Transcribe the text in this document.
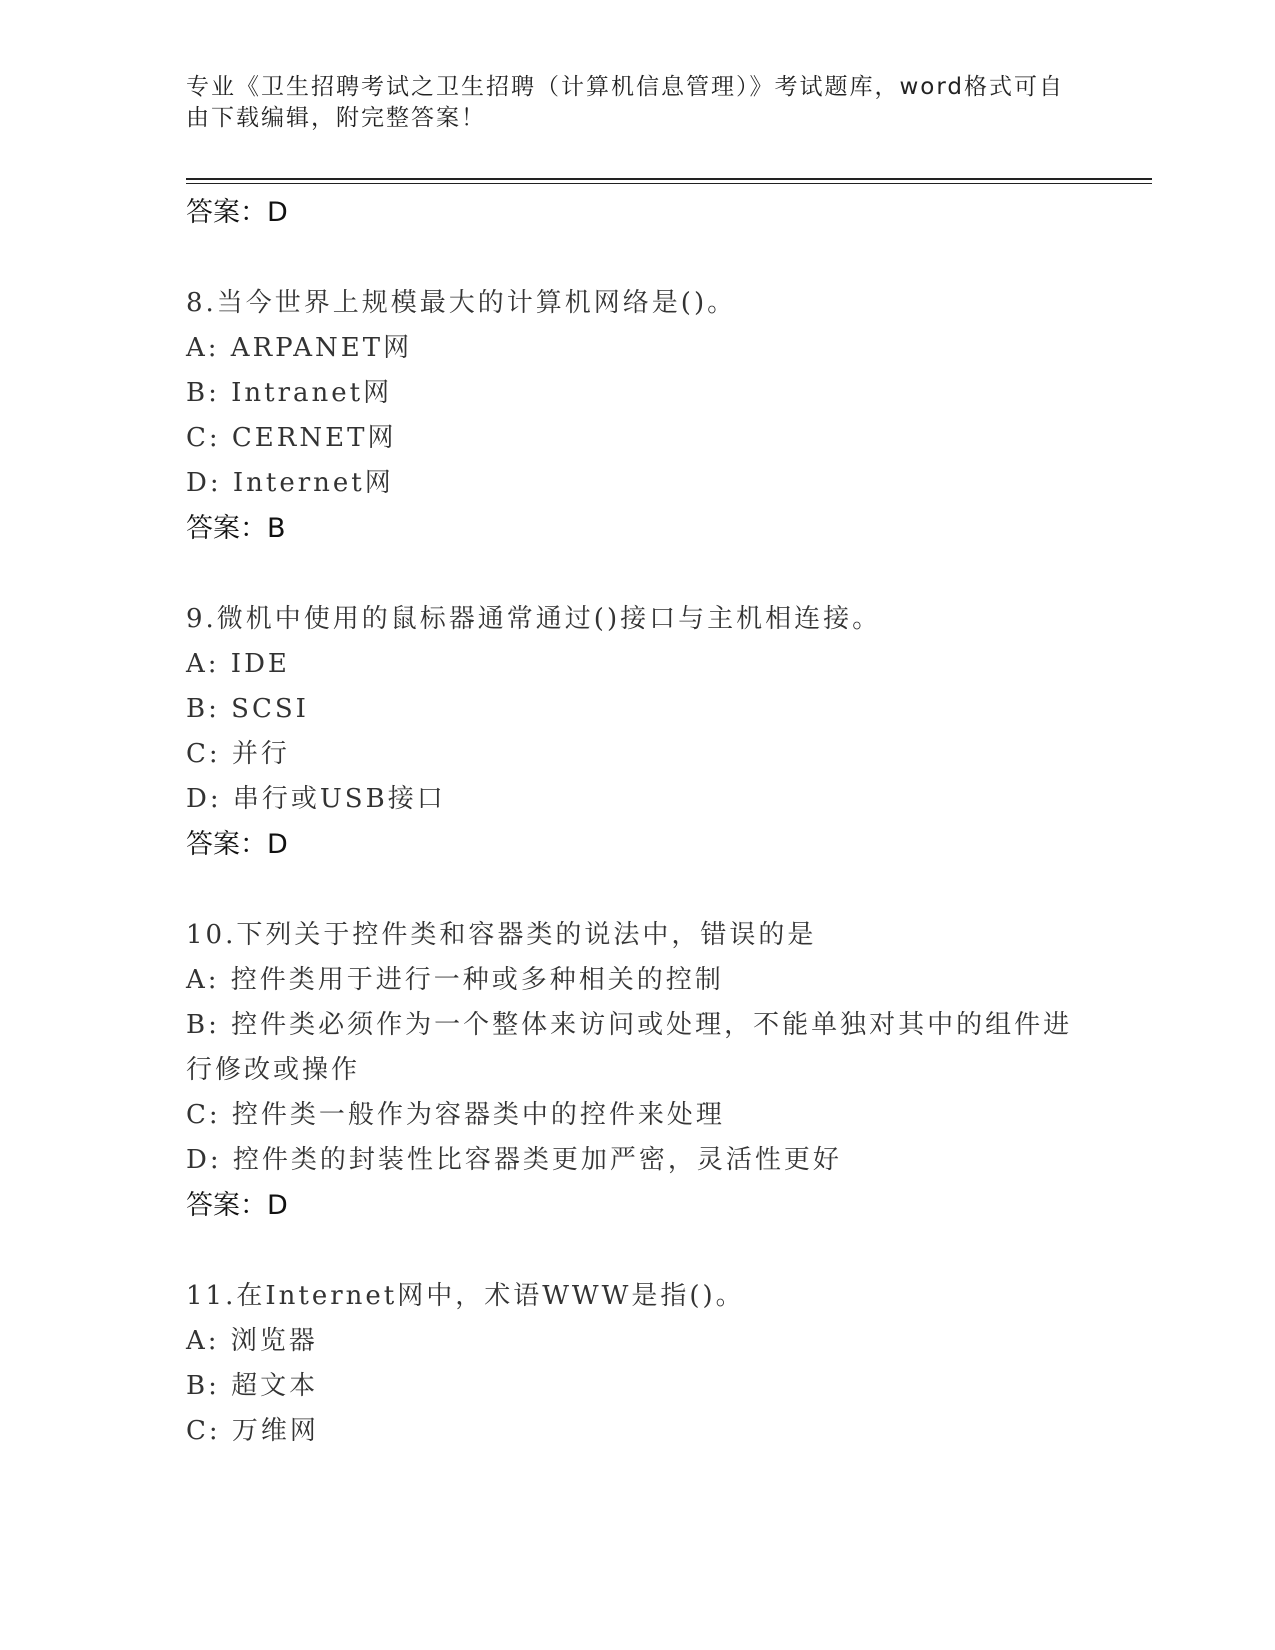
专业《卫生招聘考试之卫生招聘（计算机信息管理）》考试题库，word格式可自
由下载编辑，附完整答案！
答案：D
8.当今世界上规模最大的计算机网络是()。
A: ARPANET网
B: Intranet网
C: CERNET网
D: Internet网
答案：B
9.微机中使用的鼠标器通常通过()接口与主机相连接。
A: IDE
B: SCSI
C: 并行
D: 串行或USB接口
答案：D
10.下列关于控件类和容器类的说法中，错误的是
A: 控件类用于进行一种或多种相关的控制
B: 控件类必须作为一个整体来访问或处理，不能单独对其中的组件进行修改或操作
C: 控件类一般作为容器类中的控件来处理
D: 控件类的封装性比容器类更加严密，灵活性更好
答案：D
11.在Internet网中，术语WWW是指()。
A: 浏览器
B: 超文本
C: 万维网
